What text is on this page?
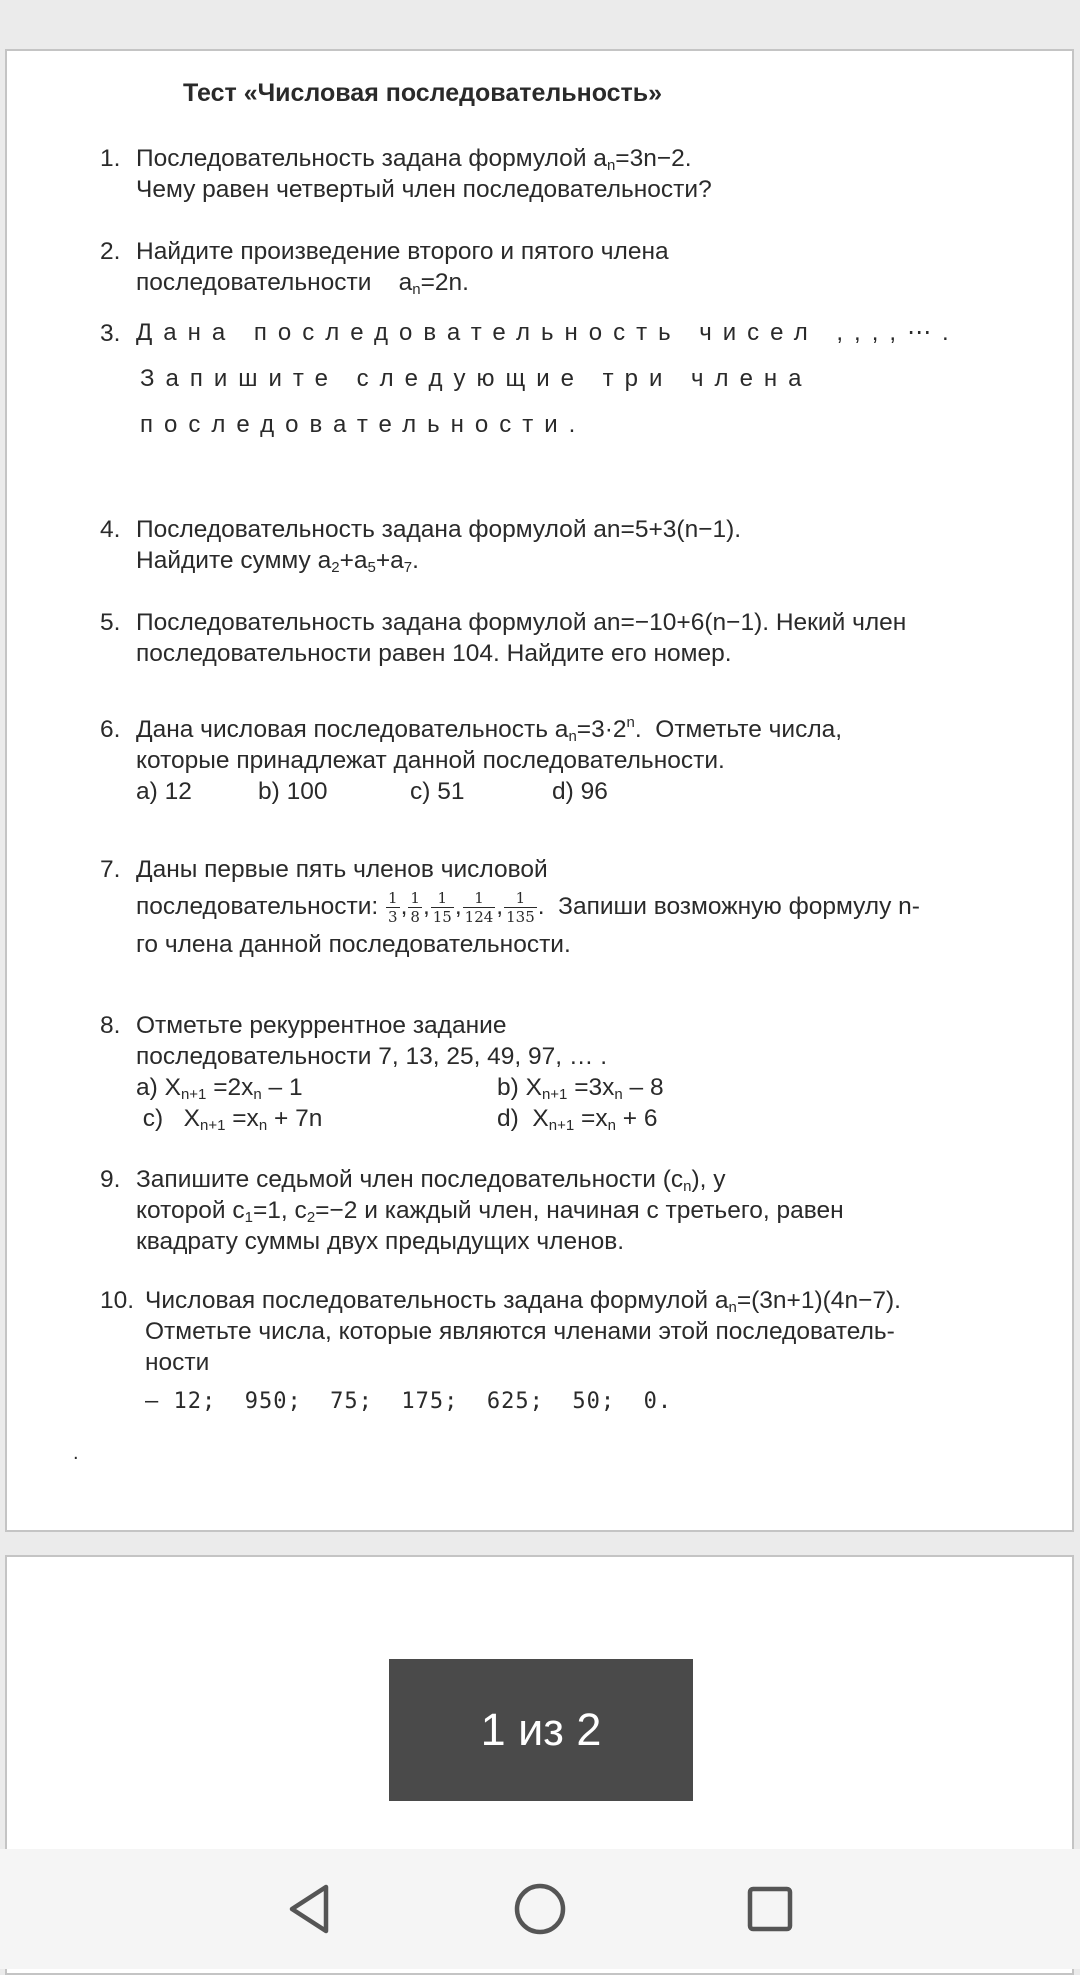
Тест «Числовая последовательность»
1. Последовательность задана формулой $a_n=3n-2$.
Чему равен четвертый член последовательности?
2. Найдите произведение второго и пятого члена
последовательности    $a_n=2n$.
3. Дана последовательность чисел ,,,,⋯.
Запишите следующие три члена
последовательности.
4. Последовательность задана формулой an=5+3(n−1).
Найдите сумму $a_2+a_5+a_7$.
5. Последовательность задана формулой an=−10+6(n−1). Некий член
последовательности равен 104. Найдите его номер.
6. Дана числовая последовательность $a_n=3\cdot 2^n$.  Отметьте числа,
которые принадлежат данной последовательности.
a) 12	b) 100	c) 51	d) 96
7. Даны первые пять членов числовой
последовательности: $\frac{1}{3}$ , $\frac{1}{8}$ , $\frac{1}{15}$ , $\frac{1}{124}$ , $\frac{1}{135}$ .  Запиши возможную формулу n-
го члена данной последовательности.
8. Отметьте рекуррентное задание
последовательности 7, 13, 25, 49, 97, … .
a) $X_{n+1} =2x_n - 1$	b) $X_{n+1} =3x_n - 8$
c)   $X_{n+1} =x_n + 7n$	d)  $X_{n+1} =x_n + 6$
9. Запишите седьмой член последовательности $(c_n)$, у
которой $c_1=1$, $c_2=-2$ и каждый член, начиная с третьего, равен
квадрату суммы двух предыдущих членов.
10. Числовая последовательность задана формулой $a_n=(3n+1)(4n-7)$.
Отметьте числа, которые являются членами этой последователь-
ности
– 12;  950;  75;  175;  625;  50;  0.
.
1 из 2
